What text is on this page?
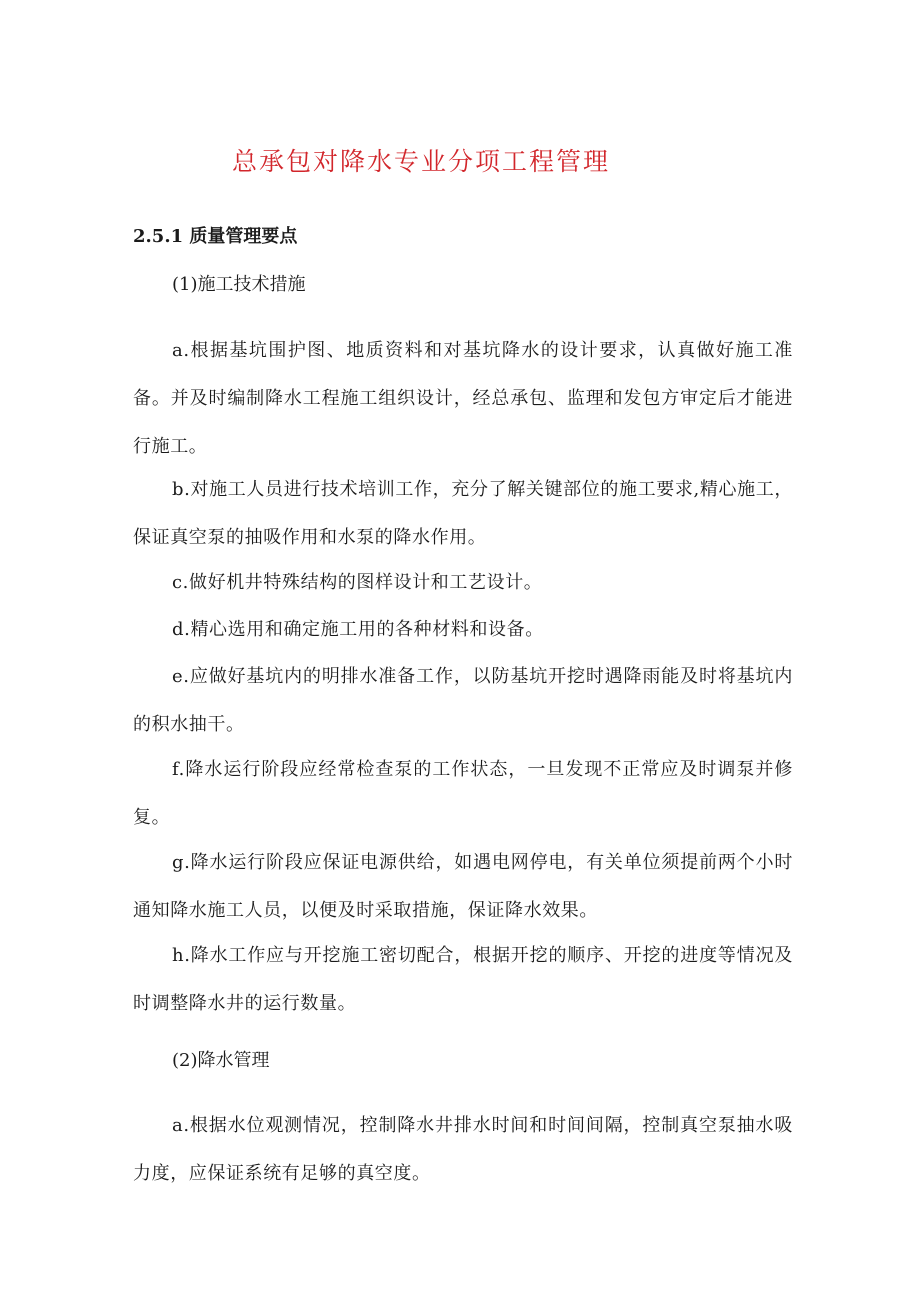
总承包对降水专业分项工程管理
2.5.1 质量管理要点
(1)施工技术措施
a.根据基坑围护图、地质资料和对基坑降水的设计要求，认真做好施工准备。并及时编制降水工程施工组织设计，经总承包、监理和发包方审定后才能进行施工。
b.对施工人员进行技术培训工作，充分了解关键部位的施工要求,精心施工，保证真空泵的抽吸作用和水泵的降水作用。
c.做好机井特殊结构的图样设计和工艺设计。
d.精心选用和确定施工用的各种材料和设备。
e.应做好基坑内的明排水准备工作，以防基坑开挖时遇降雨能及时将基坑内的积水抽干。
f.降水运行阶段应经常检查泵的工作状态，一旦发现不正常应及时调泵并修复。
g.降水运行阶段应保证电源供给，如遇电网停电，有关单位须提前两个小时通知降水施工人员，以便及时采取措施，保证降水效果。
h.降水工作应与开挖施工密切配合，根据开挖的顺序、开挖的进度等情况及时调整降水井的运行数量。
(2)降水管理
a.根据水位观测情况，控制降水井排水时间和时间间隔，控制真空泵抽水吸力度，应保证系统有足够的真空度。
